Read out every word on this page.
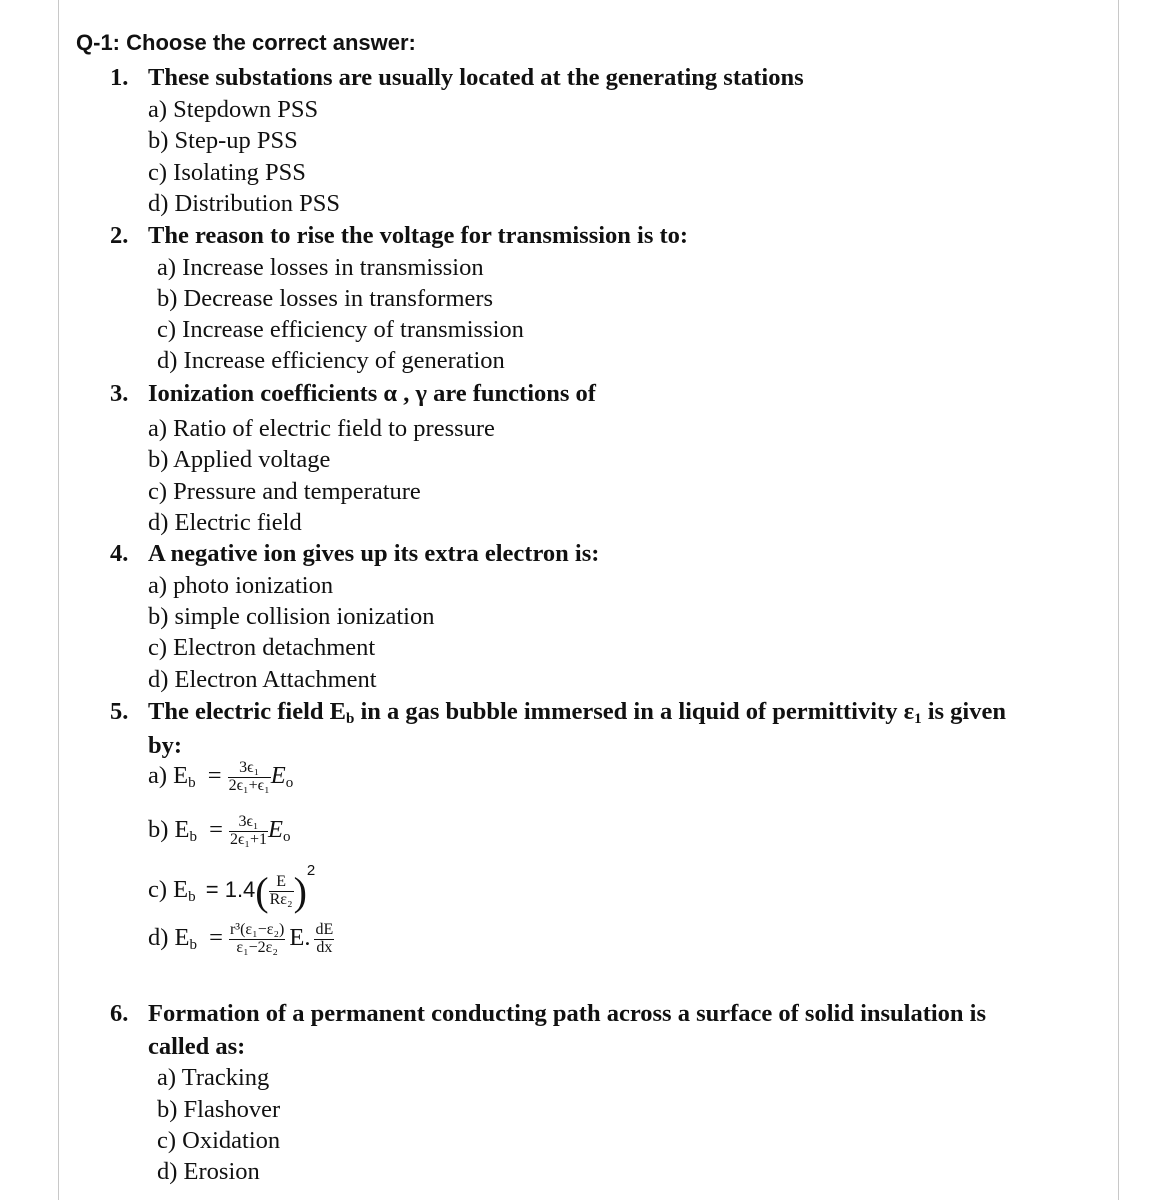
Q-1: Choose the correct answer:
1. These substations are usually located at the generating stations
a) Stepdown PSS
b) Step-up PSS
c) Isolating PSS
d) Distribution PSS
2. The reason to rise the voltage for transmission is to:
a) Increase losses in transmission
b) Decrease losses in transformers
c) Increase efficiency of transmission
d) Increase efficiency of generation
3. Ionization coefficients α , γ are functions of
a) Ratio of electric field to pressure
b) Applied voltage
c) Pressure and temperature
d) Electric field
4. A negative ion gives up its extra electron is:
a) photo ionization
b) simple collision ionization
c) Electron detachment
d) Electron Attachment
5. The electric field $E_b$ in a gas bubble immersed in a liquid of permittivity $\varepsilon_1$ is given
by:
a) $E_b = \frac{\text{3ϵ₁}}{\text{2ϵ₁+ϵ₁}} E_o$
b) $E_b = \frac{\text{3ϵ₁}}{\text{2ϵ₁+1}} E_o$
c) $E_b = 1.4( \frac{E}{\text{Rε₂}} )^2$
d) $E_b = \frac{\text{r³(ε₁−ε₂)}}{\text{ε₁−2ε₂}} E$. $\frac{dE}{dx}$
6. Formation of a permanent conducting path across a surface of solid insulation is
called as:
a) Tracking
b) Flashover
c) Oxidation
d) Erosion
